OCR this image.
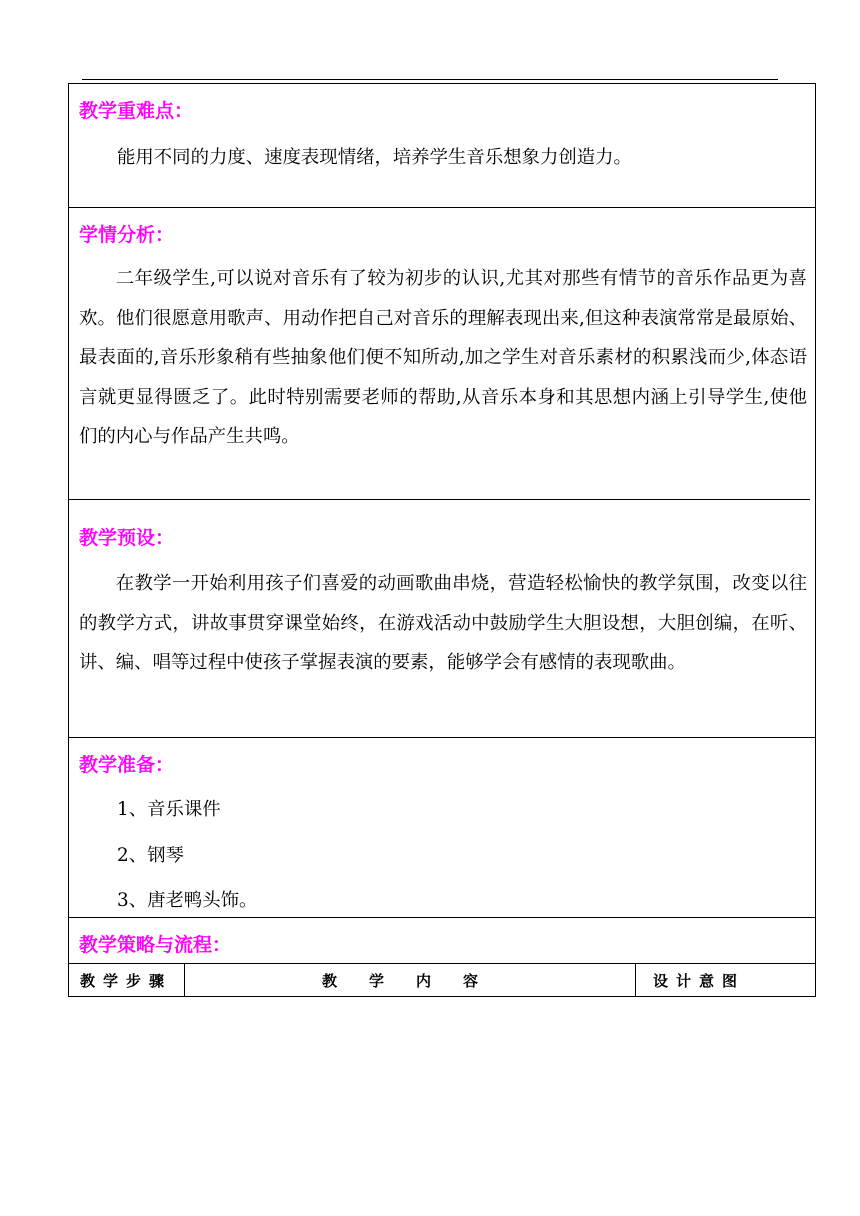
教学重难点：
能用不同的力度、速度表现情绪，培养学生音乐想象力创造力。
学情分析：

二年级学生,可以说对音乐有了较为初步的认识,尤其对那些有情节的音乐作品更为喜欢。他们很愿意用歌声、用动作把自己对音乐的理解表现出来,但这种表演常常是最原始、最表面的,音乐形象稍有些抽象他们便不知所动,加之学生对音乐素材的积累浅而少,体态语言就更显得匮乏了。此时特别需要老师的帮助,从音乐本身和其思想内涵上引导学生,使他们的内心与作品产生共鸣。

教学预设：

在教学一开始利用孩子们喜爱的动画歌曲串烧，营造轻松愉快的教学氛围，改变以往的教学方式，讲故事贯穿课堂始终，在游戏活动中鼓励学生大胆设想，大胆创编，在听、讲、编、唱等过程中使孩子掌握表演的要素，能够学会有感情的表现歌曲。

教学准备：
1、音乐课件
2、钢琴
3、唐老鸭头饰。
教学策略与流程：
教学步骤	教学内容	设计意图
